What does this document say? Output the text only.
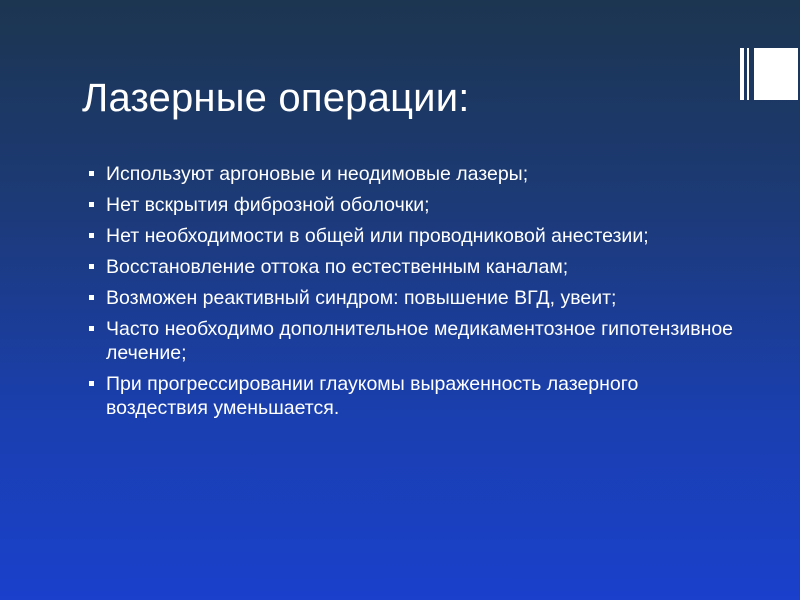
Лазерные операции:
Используют аргоновые и неодимовые лазеры;
Нет вскрытия фиброзной оболочки;
Нет необходимости в общей или проводниковой анестезии;
Восстановление оттока по естественным каналам;
Возможен реактивный синдром: повышение ВГД, увеит;
Часто необходимо дополнительное медикаментозное гипотензивное лечение;
При прогрессировании глаукомы выраженность лазерного воздествия уменьшается.
